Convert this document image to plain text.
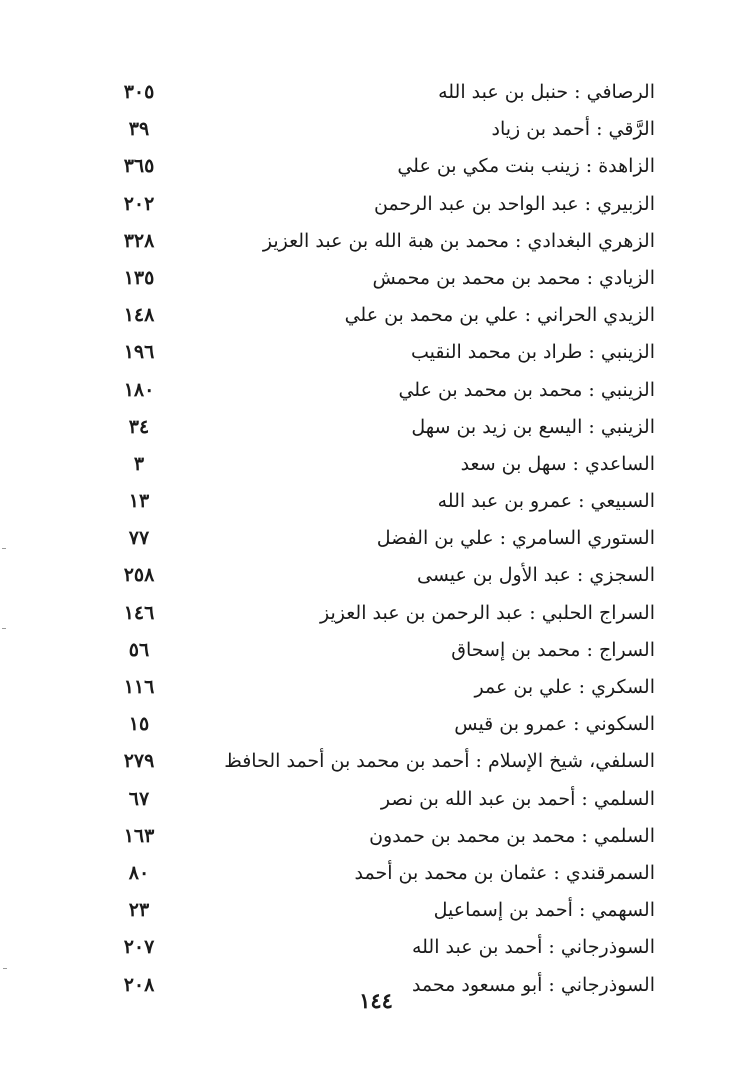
الرصافي : حنبل بن عبد الله
٣٠٥
الرَّقي : أحمد بن زياد
٣٩
الزاهدة : زينب بنت مكي بن علي
٣٦٥
الزبيري : عبد الواحد بن عبد الرحمن
٢٠٢
الزهري البغدادي : محمد بن هبة الله بن عبد العزيز
٣٢٨
الزيادي : محمد بن محمد بن محمش
١٣٥
الزيدي الحراني : علي بن محمد بن علي
١٤٨
الزينبي : طراد بن محمد النقيب
١٩٦
الزينبي : محمد بن محمد بن علي
١٨٠
الزينبي : اليسع بن زيد بن سهل
٣٤
الساعدي : سهل بن سعد
٣
السبيعي : عمرو بن عبد الله
١٣
الستوري السامري : علي بن الفضل
٧٧
السجزي : عبد الأول بن عيسى
٢٥٨
السراج الحلبي : عبد الرحمن بن عبد العزيز
١٤٦
السراج : محمد بن إسحاق
٥٦
السكري : علي بن عمر
١١٦
السكوني : عمرو بن قيس
١٥
السلفي، شيخ الإسلام : أحمد بن محمد بن أحمد الحافظ
٢٧٩
السلمي : أحمد بن عبد الله بن نصر
٦٧
السلمي : محمد بن محمد بن حمدون
١٦٣
السمرقندي : عثمان بن محمد بن أحمد
٨٠
السهمي : أحمد بن إسماعيل
٢٣
السوذرجاني : أحمد بن عبد الله
٢٠٧
السوذرجاني : أبو مسعود محمد
٢٠٨
١٤٤
